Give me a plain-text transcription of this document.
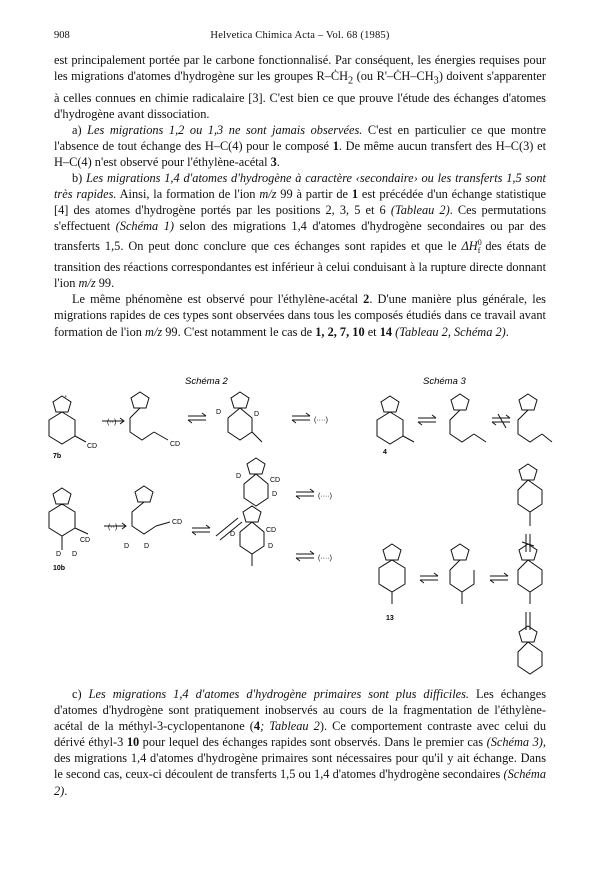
908	Helvetica Chimica Acta – Vol. 68 (1985)

est principalement portée par le carbone fonctionnalisé. Par conséquent, les énergies requises pour les migrations d'atomes d'hydrogène sur les groupes $R-ĊH_2$ (ou $R'-ĊH-CH_3$) doivent s'apparenter à celles connues en chimie radicalaire [3]. C'est bien ce que prouve l'étude des échanges d'atomes d'hydrogène avant dissociation.

a) Les migrations 1,2 ou 1,3 ne sont jamais observées. C'est en particulier ce que montre l'absence de tout échange des H–C(4) pour le composé 1. De même aucun transfert des H–C(3) et H–C(4) n'est observé pour l'éthylène-acétal 3.

b) Les migrations 1,4 d'atomes d'hydrogène à caractère ‹secondaire› ou les transferts 1,5 sont très rapides. Ainsi, la formation de l'ion m/z 99 à partir de 1 est précédée d'un échange statistique [4] des atomes d'hydrogène portés par les positions 2, 3, 5 et 6 (Tableau 2). Ces permutations s'effectuent (Schéma 1) selon des migrations 1,4 d'atomes d'hydrogène secondaires ou par des transferts 1,5. On peut donc conclure que ces échanges sont rapides et que le $\Delta H^0_f$ des états de transition des réactions correspondantes est inférieur à celui conduisant à la rupture directe donnant l'ion m/z 99.

Le même phénomène est observé pour l'éthylène-acétal 2. D'une manière plus générale, les migrations rapides de ces types sont observées dans tous les composés étudiés dans ce travail avant formation de l'ion m/z 99. C'est notamment le cas de 1, 2, 7, 10 et 14 (Tableau 2, Schéma 2).

Schéma 2	Schéma 3
⁺
CD
7b
(··)
CD
D	D
(····)
CD
D
D	(····)
CD
D D
10b
(··)
CD
D D
CD
D
D
(····)
4
13

c) Les migrations 1,4 d'atomes d'hydrogène primaires sont plus difficiles. Les échanges d'atomes d'hydrogène sont pratiquement inobservés au cours de la fragmentation de l'éthylène-acétal de la méthyl-3-cyclopentanone (4; Tableau 2). Ce comportement contraste avec celui du dérivé éthyl-3 10 pour lequel des échanges rapides sont observés. Dans le premier cas (Schéma 3), des migrations 1,4 d'atomes d'hydrogène primaires sont nécessaires pour qu'il y ait échange. Dans le second cas, ceux-ci découlent de transferts 1,5 ou 1,4 d'atomes d'hydrogène secondaires (Schéma 2).
